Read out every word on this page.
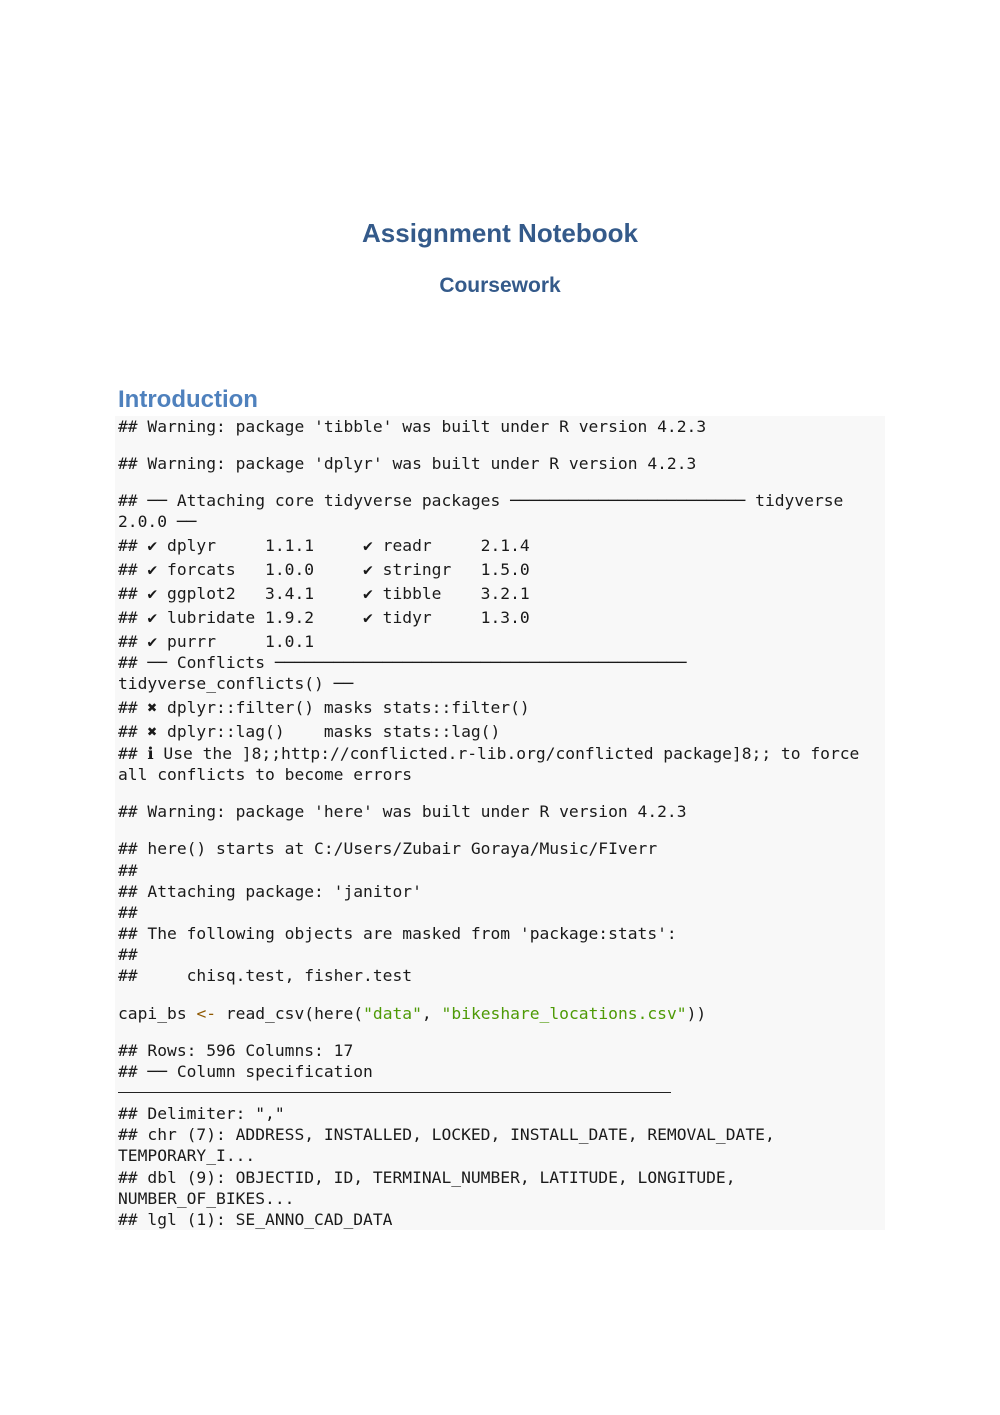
Assignment Notebook
Coursework
Introduction
## Warning: package 'tibble' was built under R version 4.2.3
## Warning: package 'dplyr' was built under R version 4.2.3
## ── Attaching core tidyverse packages ──────────────────────── tidyverse
2.0.0 ──
## ✔ dplyr     1.1.1     ✔ readr     2.1.4
## ✔ forcats   1.0.0     ✔ stringr   1.5.0
## ✔ ggplot2   3.4.1     ✔ tibble    3.2.1
## ✔ lubridate 1.9.2     ✔ tidyr     1.3.0
## ✔ purrr     1.0.1
## ── Conflicts ──────────────────────────────────────────
tidyverse_conflicts() ──
## ✖ dplyr::filter() masks stats::filter()
## ✖ dplyr::lag()    masks stats::lag()
## ℹ Use the ]8;;http://conflicted.r-lib.org/conflicted package]8;; to force
all conflicts to become errors
## Warning: package 'here' was built under R version 4.2.3
## here() starts at C:/Users/Zubair Goraya/Music/FIverr
##
## Attaching package: 'janitor'
##
## The following objects are masked from 'package:stats':
##
##     chisq.test, fisher.test
capi_bs <- read_csv(here("data", "bikeshare_locations.csv"))
## Rows: 596 Columns: 17
## ── Column specification
## Delimiter: ","
## chr (7): ADDRESS, INSTALLED, LOCKED, INSTALL_DATE, REMOVAL_DATE,
TEMPORARY_I...
## dbl (9): OBJECTID, ID, TERMINAL_NUMBER, LATITUDE, LONGITUDE,
NUMBER_OF_BIKES...
## lgl (1): SE_ANNO_CAD_DATA
